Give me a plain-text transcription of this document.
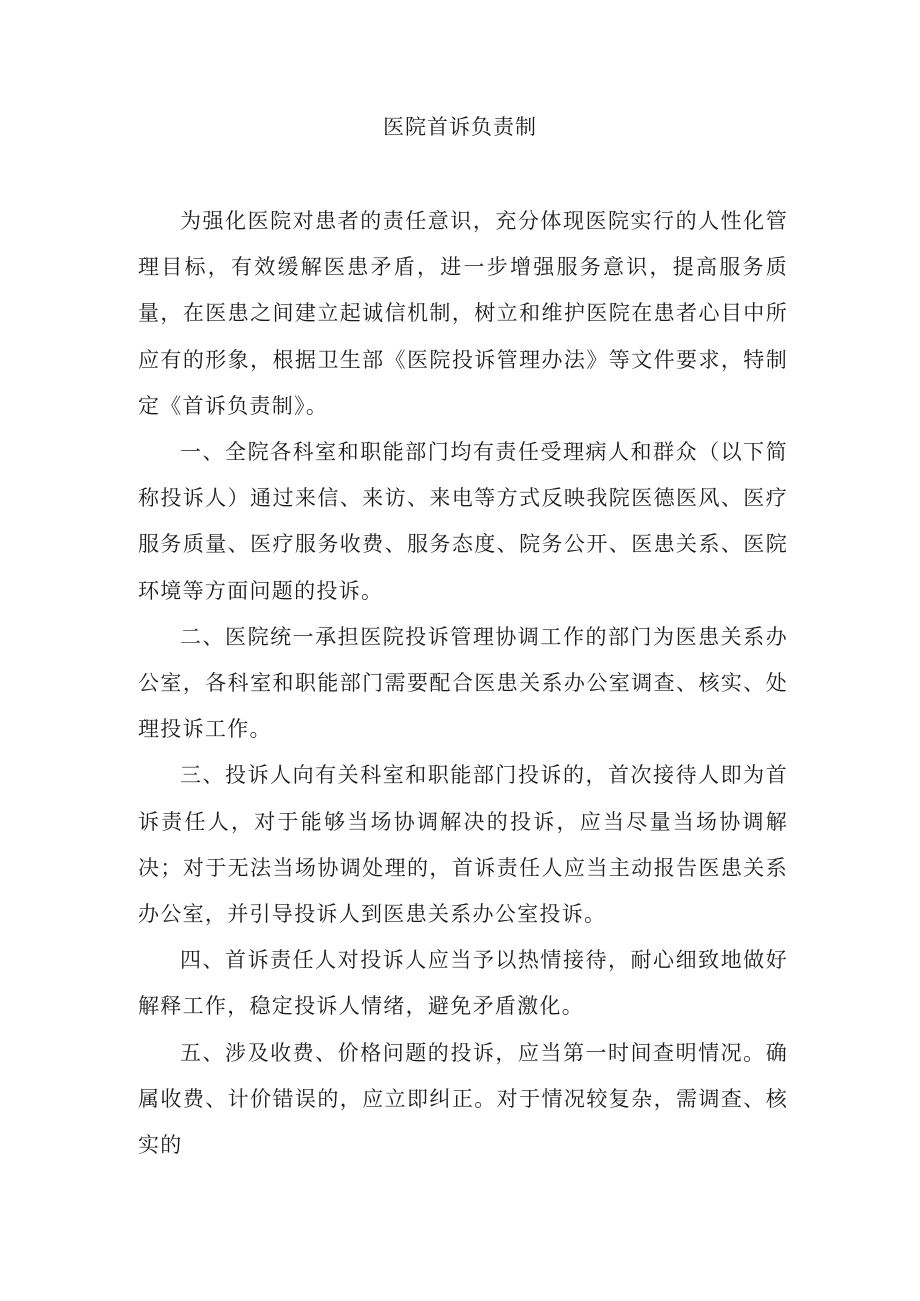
医院首诉负责制

为强化医院对患者的责任意识，充分体现医院实行的人性化管理目标，有效缓解医患矛盾，进一步增强服务意识，提高服务质量，在医患之间建立起诚信机制，树立和维护医院在患者心目中所应有的形象，根据卫生部《医院投诉管理办法》等文件要求，特制定《首诉负责制》。

一、全院各科室和职能部门均有责任受理病人和群众（以下简称投诉人）通过来信、来访、来电等方式反映我院医德医风、医疗服务质量、医疗服务收费、服务态度、院务公开、医患关系、医院环境等方面问题的投诉。

二、医院统一承担医院投诉管理协调工作的部门为医患关系办公室，各科室和职能部门需要配合医患关系办公室调查、核实、处理投诉工作。

三、投诉人向有关科室和职能部门投诉的，首次接待人即为首诉责任人，对于能够当场协调解决的投诉，应当尽量当场协调解决；对于无法当场协调处理的，首诉责任人应当主动报告医患关系办公室，并引导投诉人到医患关系办公室投诉。

四、首诉责任人对投诉人应当予以热情接待，耐心细致地做好解释工作，稳定投诉人情绪，避免矛盾激化。

五、涉及收费、价格问题的投诉，应当第一时间查明情况。确属收费、计价错误的，应立即纠正。对于情况较复杂，需调查、核实的
